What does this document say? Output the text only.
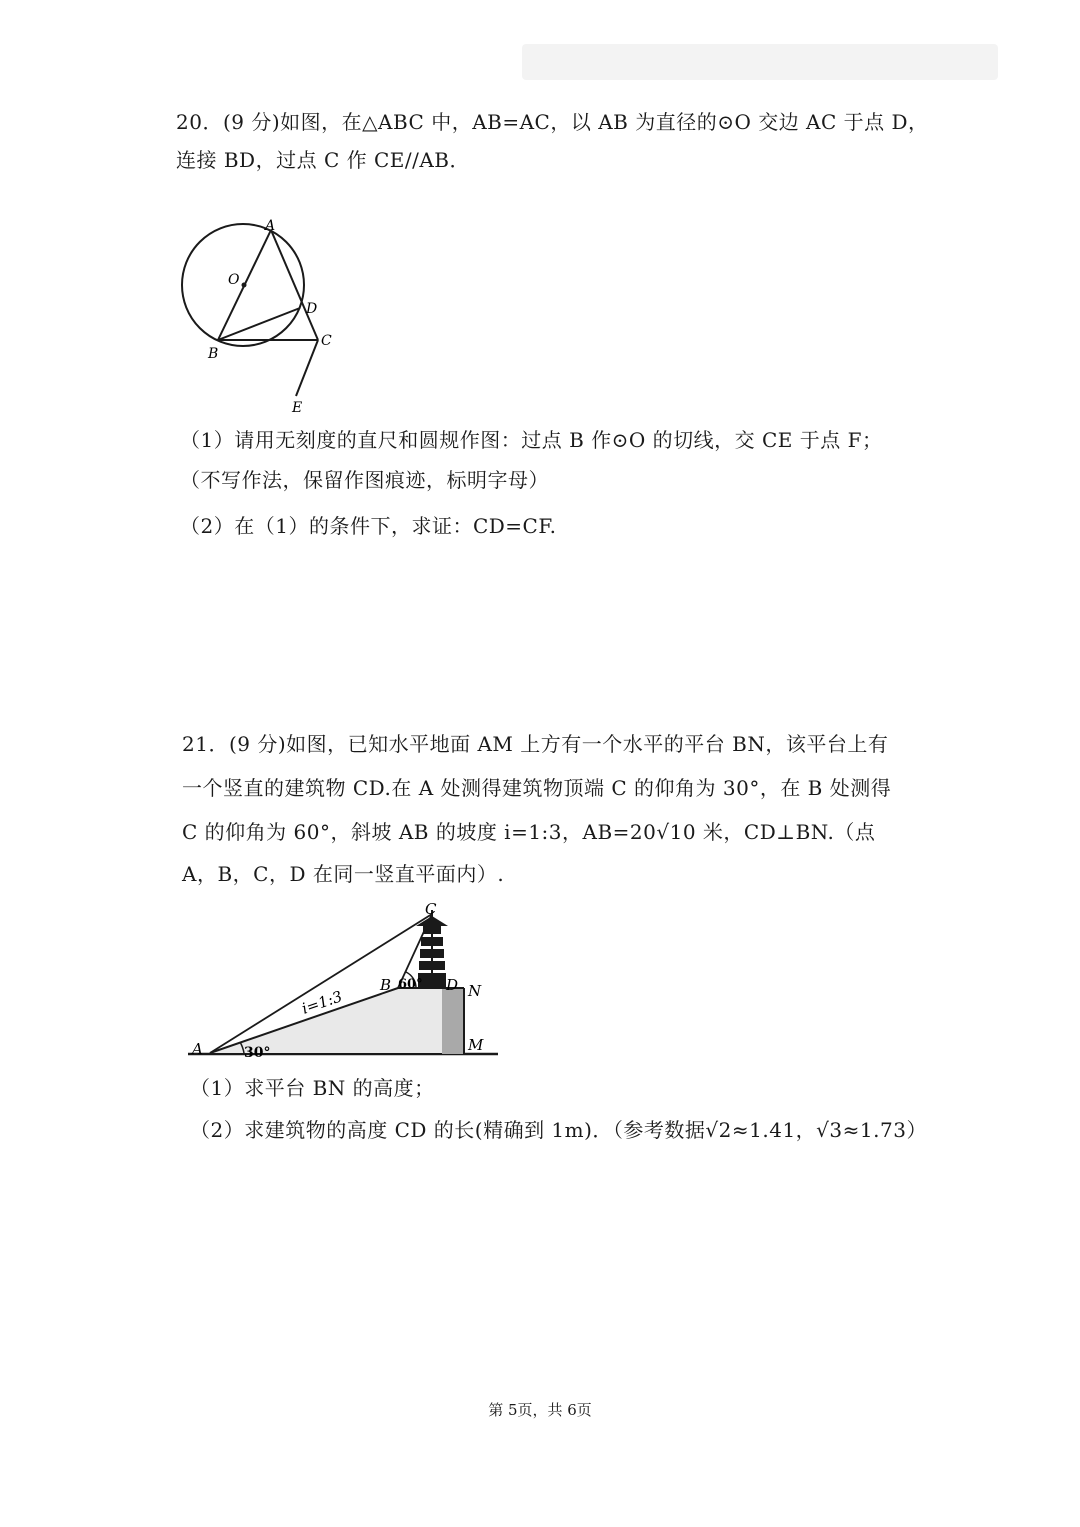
20．(9 分)如图，在△ABC 中，AB=AC，以 AB 为直径的⊙O 交边 AC 于点 D，
连接 BD，过点 C 作 CE//AB．
A
O
D
B
C
E
（1）请用无刻度的直尺和圆规作图：过点 B 作⊙O 的切线，交 CE 于点 F；
（不写作法，保留作图痕迹，标明字母）
（2）在（1）的条件下，求证：CD=CF.
21．(9 分)如图，已知水平地面 AM 上方有一个水平的平台 BN，该平台上有
一个竖直的建筑物 CD.在 A 处测得建筑物顶端 C 的仰角为 30°，在 B 处测得
C 的仰角为 60°，斜坡 AB 的坡度 i=1:3，AB=20√10 米，CD⊥BN.（点
A，B，C，D 在同一竖直平面内）.
C
B	D N
A	M
30°
60°
i=1:3
（1）求平台 BN 的高度；
（2）求建筑物的高度 CD 的长(精确到 1m)．（参考数据√2≈1.41，√3≈1.73）
第 5页，共 6页
